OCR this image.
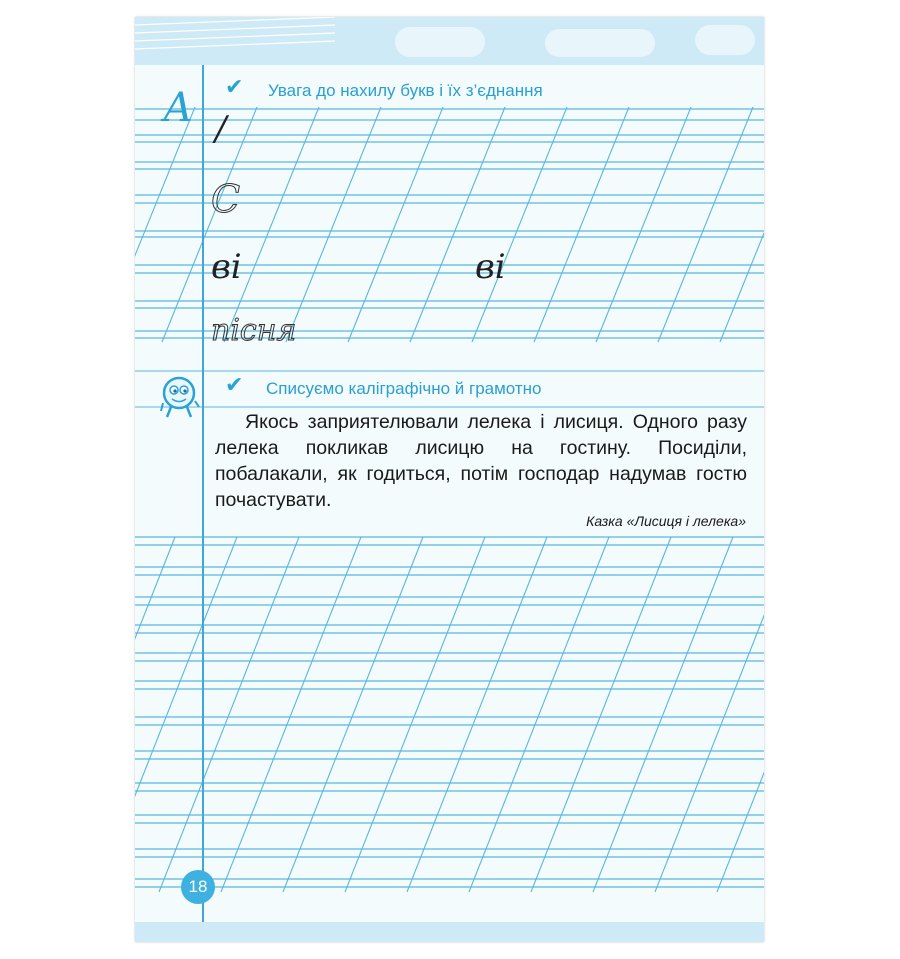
А ✔ Увага до нахилу букв і їх з’єднання
/
С
ві	ві
пісня
✔ Списуємо каліграфічно й грамотно

Якось заприятелювали лелека і лисиця. Одного разу лелека покликав лисицю на гостину. Посиділи, побалакали, як годиться, потім господар надумав гостю почастувати.

Казка «Лисиця і лелека»
18
